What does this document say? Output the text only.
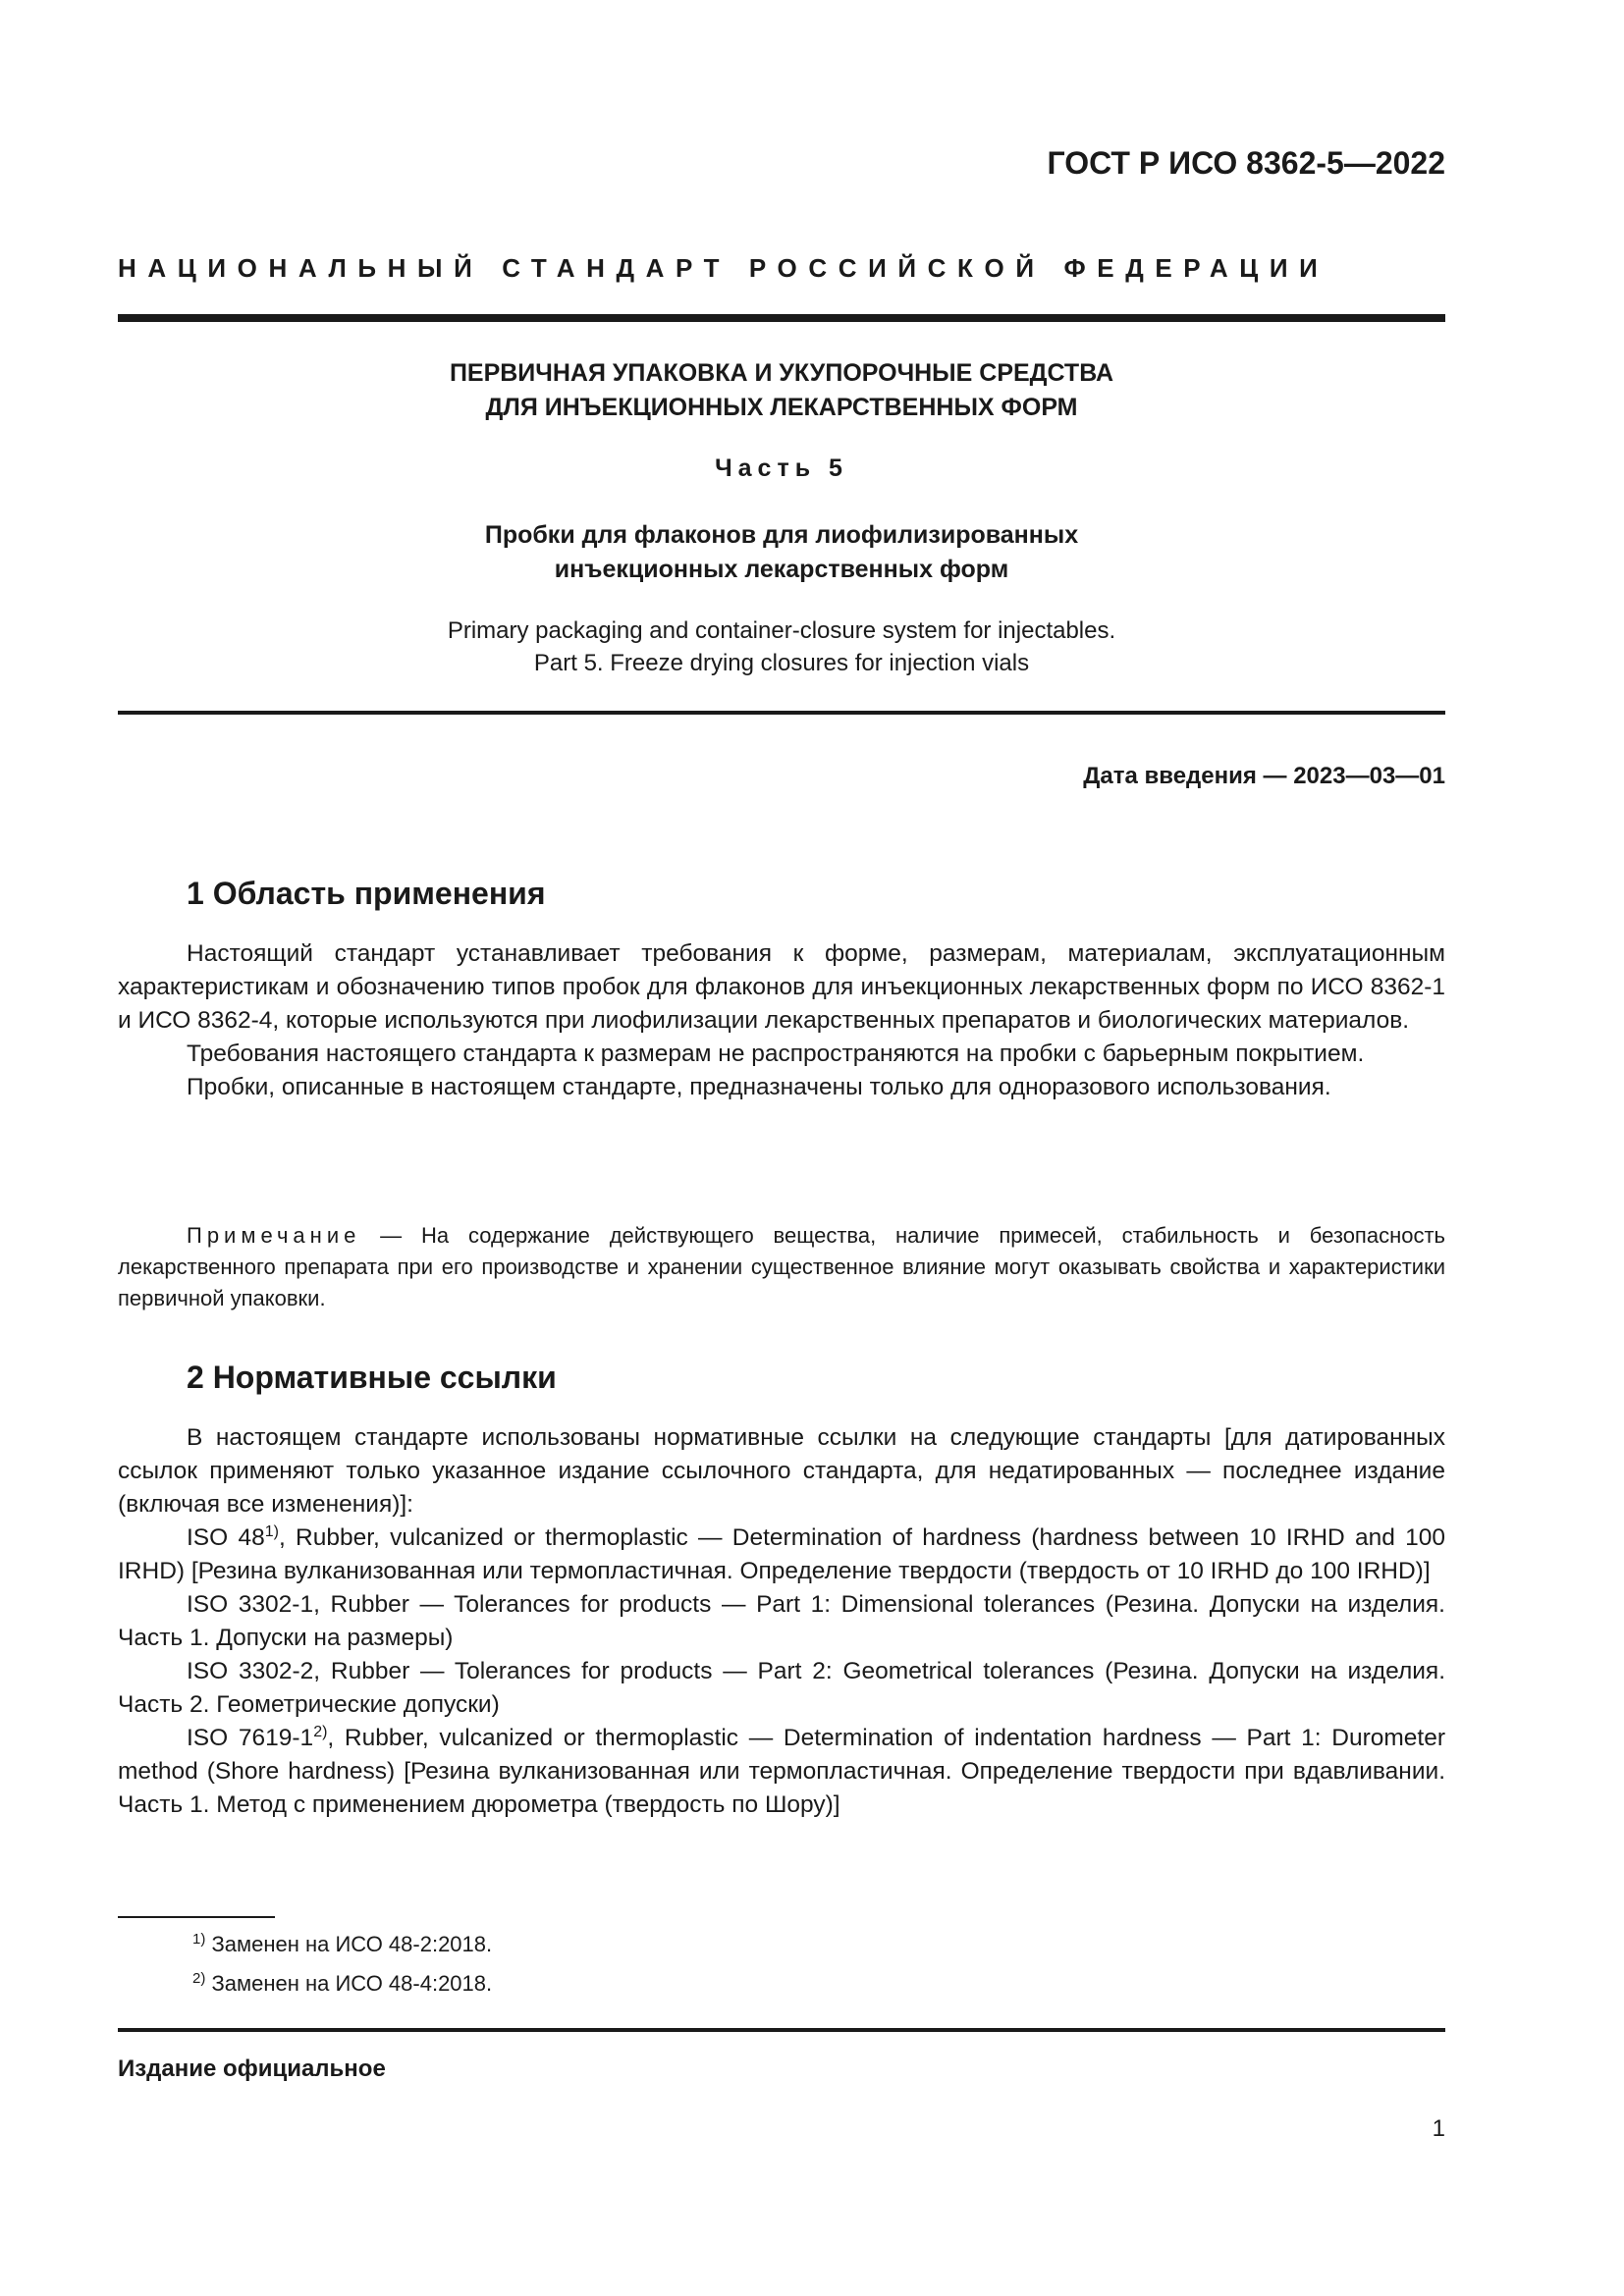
ГОСТ Р ИСО 8362-5—2022
НАЦИОНАЛЬНЫЙ СТАНДАРТ РОССИЙСКОЙ ФЕДЕРАЦИИ
ПЕРВИЧНАЯ УПАКОВКА И УКУПОРОЧНЫЕ СРЕДСТВА
ДЛЯ ИНЪЕКЦИОННЫХ ЛЕКАРСТВЕННЫХ ФОРМ
Часть 5
Пробки для флаконов для лиофилизированных
инъекционных лекарственных форм
Primary packaging and container-closure system for injectables.
Part 5. Freeze drying closures for injection vials
Дата введения — 2023—03—01
1 Область применения

Настоящий стандарт устанавливает требования к форме, размерам, материалам, эксплуатационным характеристикам и обозначению типов пробок для флаконов для инъекционных лекарственных форм по ИСО 8362-1 и ИСО 8362-4, которые используются при лиофилизации лекарственных препаратов и биологических материалов.

Требования настоящего стандарта к размерам не распространяются на пробки с барьерным покрытием.

Пробки, описанные в настоящем стандарте, предназначены только для одноразового использования.

Примечание — На содержание действующего вещества, наличие примесей, стабильность и безопасность лекарственного препарата при его производстве и хранении существенное влияние могут оказывать свойства и характеристики первичной упаковки.
2 Нормативные ссылки

В настоящем стандарте использованы нормативные ссылки на следующие стандарты [для датированных ссылок применяют только указанное издание ссылочного стандарта, для недатированных — последнее издание (включая все изменения)]:

ISO 48$^{1)}$, Rubber, vulcanized or thermoplastic — Determination of hardness (hardness between 10 IRHD and 100 IRHD) [Резина вулканизованная или термопластичная. Определение твердости (твердость от 10 IRHD до 100 IRHD)]

ISO 3302-1, Rubber — Tolerances for products — Part 1: Dimensional tolerances (Резина. Допуски на изделия. Часть 1. Допуски на размеры)

ISO 3302-2, Rubber — Tolerances for products — Part 2: Geometrical tolerances (Резина. Допуски на изделия. Часть 2. Геометрические допуски)

ISO 7619-1$^{2)}$, Rubber, vulcanized or thermoplastic — Determination of indentation hardness — Part 1: Durometer method (Shore hardness) [Резина вулканизованная или термопластичная. Определение твердости при вдавливании. Часть 1. Метод с применением дюрометра (твердость по Шору)]

$^{1)}$ Заменен на ИСО 48-2:2018.
$^{2)}$ Заменен на ИСО 48-4:2018.
Издание официальное
1
